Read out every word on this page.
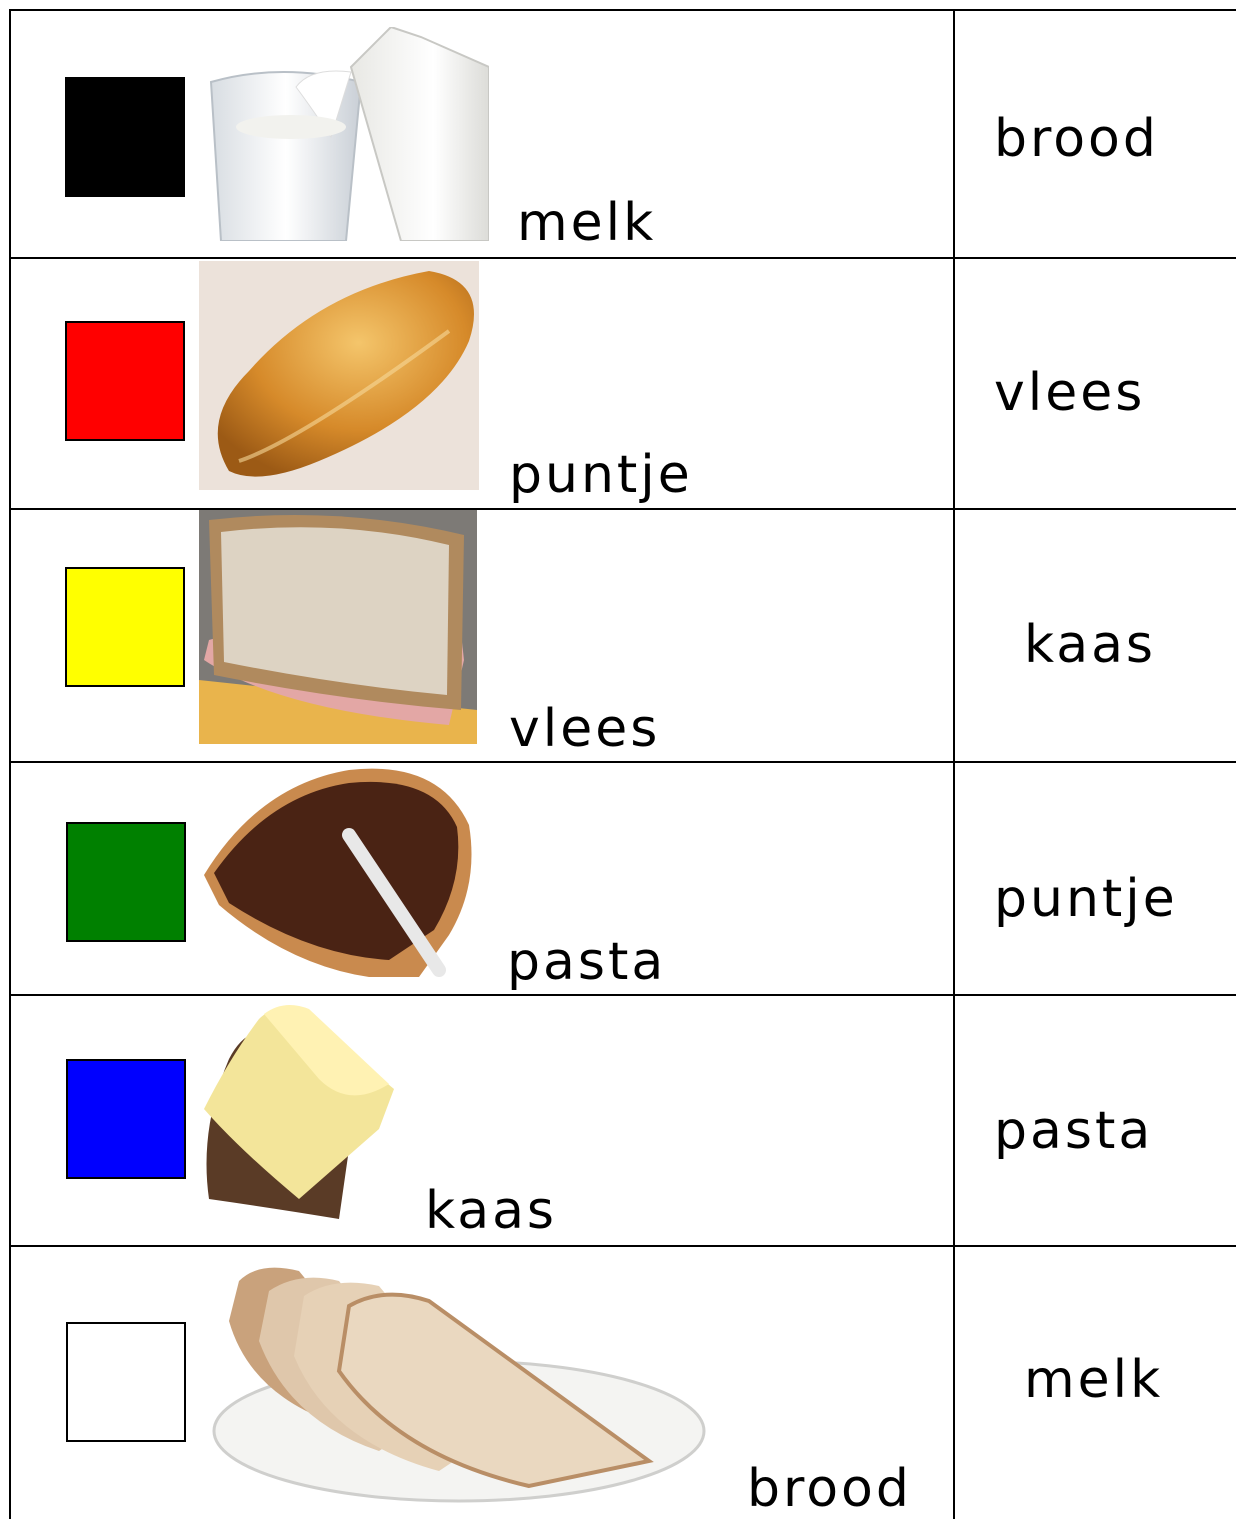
melk
brood
puntje
vlees
vlees
kaas
pasta
puntje
kaas
pasta
brood
melk
